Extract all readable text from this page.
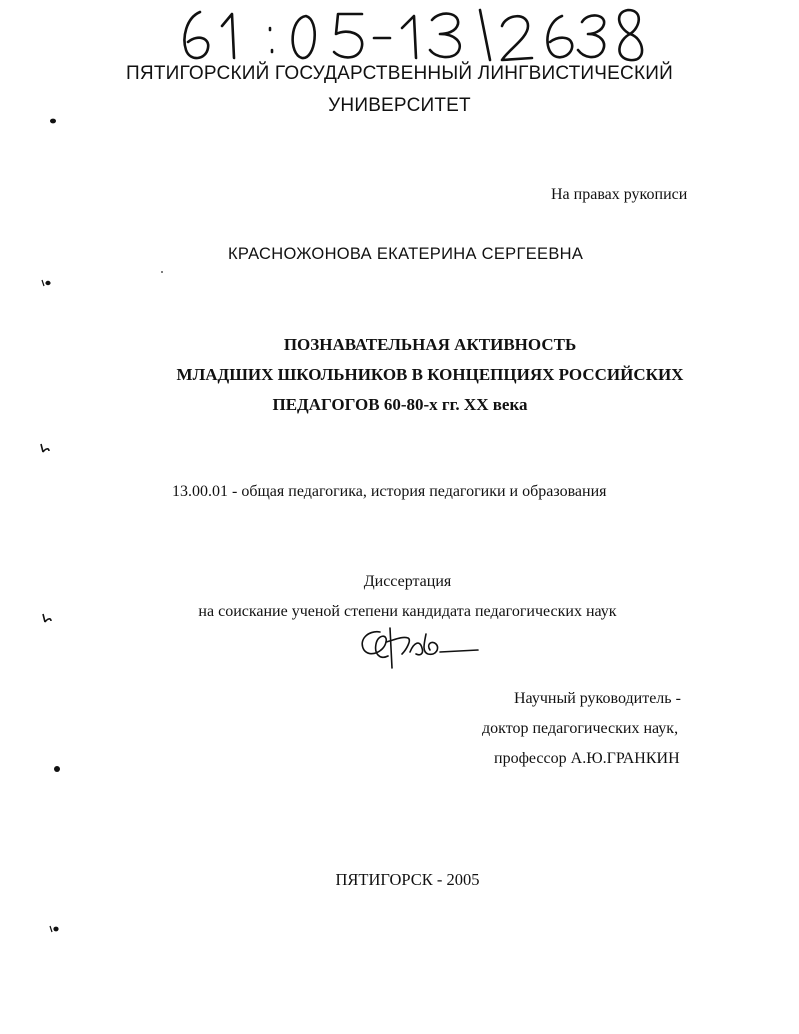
ПЯТИГОРСКИЙ ГОСУДАРСТВЕННЫЙ ЛИНГВИСТИЧЕСКИЙ
УНИВЕРСИТЕТ
На правах рукописи
КРАСНОЖОНОВА ЕКАТЕРИНА СЕРГЕЕВНА
ПОЗНАВАТЕЛЬНАЯ АКТИВНОСТЬ
МЛАДШИХ ШКОЛЬНИКОВ В КОНЦЕПЦИЯХ РОССИЙСКИХ
ПЕДАГОГОВ 60-80-х гг. XX века
13.00.01 - общая педагогика, история педагогики и образования
Диссертация
на соискание ученой степени кандидата педагогических наук
Научный руководитель -
доктор педагогических наук,
профессор А.Ю.ГРАНКИН
ПЯТИГОРСК - 2005
